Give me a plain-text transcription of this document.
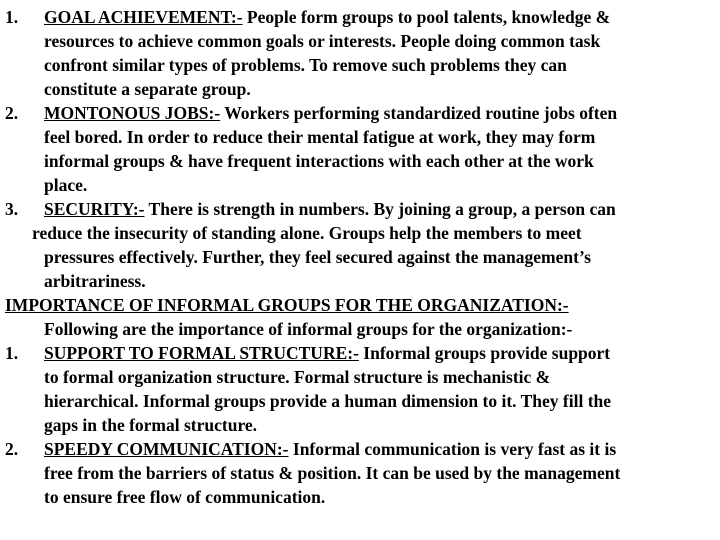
1. GOAL ACHIEVEMENT:- People form groups to pool talents, knowledge &
resources to achieve common goals or interests. People doing common task
confront similar types of problems. To remove such problems they can
constitute a separate group.
2. MONTONOUS JOBS:- Workers performing standardized routine jobs often
feel bored. In order to reduce their mental fatigue at work, they may form
informal groups & have frequent interactions with each other at the work
place.
3. SECURITY:- There is strength in numbers. By joining a group, a person can
reduce the insecurity of standing alone. Groups help the members to meet
pressures effectively. Further, they feel secured against the management’s
arbitrariness.
IMPORTANCE OF INFORMAL GROUPS FOR THE ORGANIZATION:-
Following are the importance of informal groups for the organization:-
1. SUPPORT TO FORMAL STRUCTURE:- Informal groups provide support
to formal organization structure. Formal structure is mechanistic &
hierarchical. Informal groups provide a human dimension to it. They fill the
gaps in the formal structure.
2. SPEEDY COMMUNICATION:- Informal communication is very fast as it is
free from the barriers of status & position. It can be used by the management
to ensure free flow of communication.
